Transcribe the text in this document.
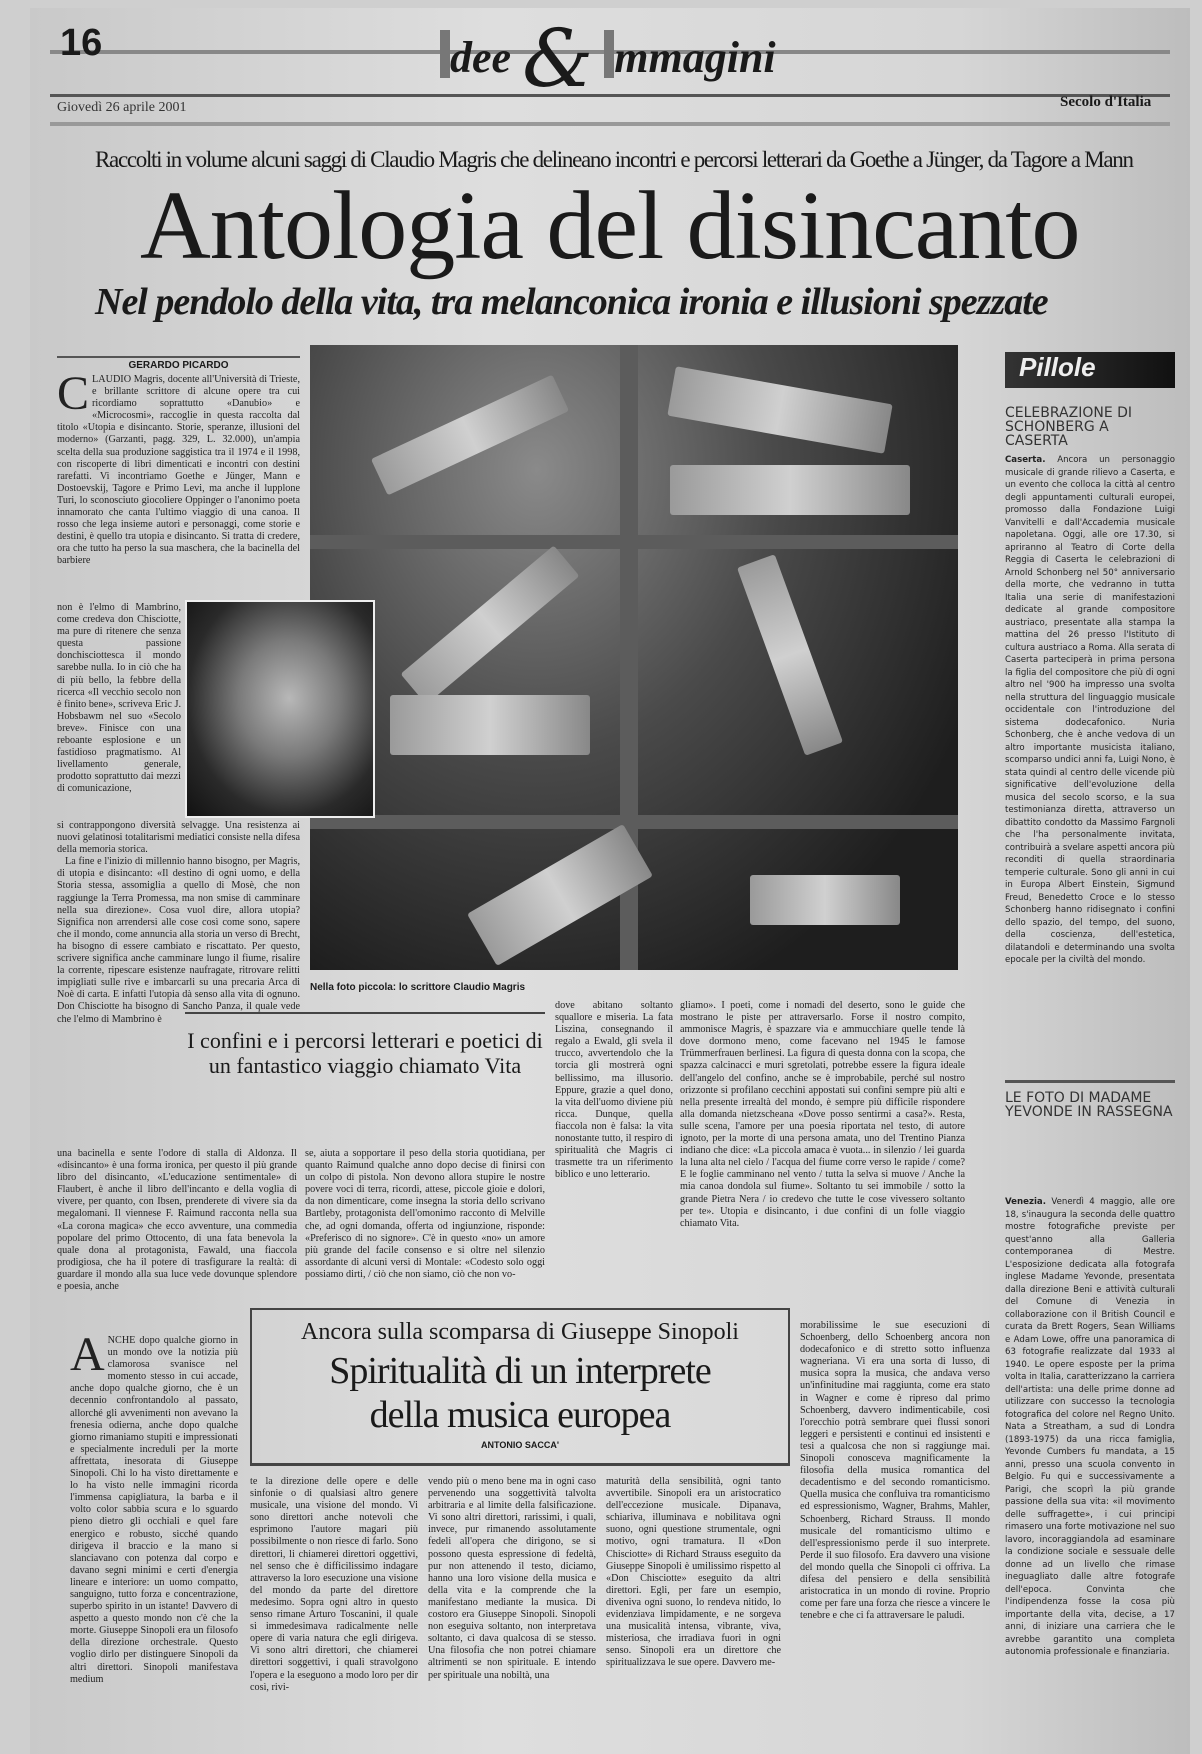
16	dee & mmagini
Giovedì 26 aprile 2001	Secolo d'Italia
Raccolti in volume alcuni saggi di Claudio Magris che delineano incontri e percorsi letterari da Goethe a Jünger, da Tagore a Mann
Antologia del disincanto
Nel pendolo della vita, tra melanconica ironia e illusioni spezzate
GERARDO PICARDO
CLAUDIO Magris, docente all'Università di Trieste, e brillante scrittore di alcune opere tra cui ricordiamo soprattutto «Danubio» e «Microcosmi», raccoglie in questa raccolta dal titolo «Utopia e disincanto. Storie, speranze, illusioni del moderno» (Garzanti, pagg. 329, L. 32.000), un'ampia scelta della sua produzione saggistica tra il 1974 e il 1998, con riscoperte di libri dimenticati e incontri con destini rarefatti. Vi incontriamo Goethe e Jünger, Mann e Dostoevskij, Tagore e Primo Levi, ma anche il lupplone Turi, lo sconosciuto giocoliere Oppinger o l'anonimo poeta innamorato che canta l'ultimo viaggio di una canoa. Il rosso che lega insieme autori e personaggi, come storie e destini, è quello tra utopia e disincanto. Si tratta di credere, ora che tutto ha perso la sua maschera, che la bacinella del barbiere
non è l'elmo di Mambrino, come credeva don Chisciotte, ma pure di ritenere che senza questa passione donchisciottesca il mondo sarebbe nulla. Io in ciò che ha di più bello, la febbre della ricerca «Il vecchio secolo non è finito bene», scriveva Eric J. Hobsbawm nel suo «Secolo breve». Finisce con una reboante esplosione e un fastidioso pragmatismo. Al livellamento generale, prodotto soprattutto dai mezzi di comunicazione,
si contrappongono diversità selvagge. Una resistenza ai nuovi gelatinosi totalitarismi mediatici consiste nella difesa della memoria storica.

La fine e l'inizio di millennio hanno bisogno, per Magris, di utopia e disincanto: «Il destino di ogni uomo, e della Storia stessa, assomiglia a quello di Mosè, che non raggiunge la Terra Promessa, ma non smise di camminare nella sua direzione». Cosa vuol dire, allora utopia? Significa non arrendersi alle cose così come sono, sapere che il mondo, come annuncia alla storia un verso di Brecht, ha bisogno di essere cambiato e riscattato. Per questo, scrivere significa anche camminare lungo il fiume, risalire la corrente, ripescare esistenze naufragate, ritrovare relitti impigliati sulle rive e imbarcarli su una precaria Arca di Noè di carta. E infatti l'utopia dà senso alla vita di ognuno. Don Chisciotte ha bisogno di Sancho Panza, il quale vede che l'elmo di Mambrino è

Nella foto piccola: lo scrittore Claudio Magris
I confini e i percorsi letterari e poetici di un fantastico viaggio chiamato Vita
una bacinella e sente l'odore di stalla di Aldonza. Il «disincanto» è una forma ironica, per questo il più grande libro del disincanto, «L'educazione sentimentale» di Flaubert, è anche il libro dell'incanto e della voglia di vivere, per quanto, con Ibsen, prenderete di vivere sia da megalomani. Il viennese F. Raimund racconta nella sua «La corona magica» che ecco avventure, una commedia popolare del primo Ottocento, di una fata benevola la quale dona al protagonista, Fawald, una fiaccola prodigiosa, che ha il potere di trasfigurare la realtà: di guardare il mondo alla sua luce vede dovunque splendore e poesia, anche
se, aiuta a sopportare il peso della storia quotidiana, per quanto Raimund qualche anno dopo decise di finirsi con un colpo di pistola. Non devono allora stupire le nostre povere voci di terra, ricordi, attese, piccole gioie e dolori, da non dimenticare, come insegna la storia dello scrivano Bartleby, protagonista dell'omonimo racconto di Melville che, ad ogni domanda, offerta od ingiunzione, risponde: «Preferisco di no signore». C'è in questo «no» un amore più grande del facile consenso e si oltre nel silenzio assordante di alcuni versi di Montale: «Codesto solo oggi possiamo dirti, / ciò che non siamo, ciò che non vo-
dove abitano soltanto squallore e miseria. La fata Liszina, consegnando il regalo a Ewald, gli svela il trucco, avvertendolo che la torcia gli mostrerà ogni bellissimo, ma illusorio. Eppure, grazie a quel dono, la vita dell'uomo diviene più ricca. Dunque, quella fiaccola non è falsa: la vita nonostante tutto, il respiro di spiritualità che Magris ci trasmette tra un riferimento biblico e uno letterario.
gliamo». I poeti, come i nomadi del deserto, sono le guide che mostrano le piste per attraversarlo. Forse il nostro compito, ammonisce Magris, è spazzare via e ammucchiare quelle tende là dove dormono meno, come facevano nel 1945 le famose Trümmerfrauen berlinesi. La figura di questa donna con la scopa, che spazza calcinacci e muri sgretolati, potrebbe essere la figura ideale dell'angelo del confino, anche se è improbabile, perché sul nostro orizzonte si profilano cecchini appostati sui confini sempre più alti e nella presente irrealtà del mondo, è sempre più difficile rispondere alla domanda nietzscheana «Dove posso sentirmi a casa?». Resta, sulle scena, l'amore per una poesia riportata nel testo, di autore ignoto, per la morte di una persona amata, uno del Trentino Pianza indiano che dice: «La piccola amaca è vuota... in silenzio / lei guarda la luna alta nel cielo / l'acqua del fiume corre verso le rapide / come? E le foglie camminano nel vento / tutta la selva si muove / Anche la mia canoa dondola sul fiume». Soltanto tu sei immobile / sotto la grande Pietra Nera / io credevo che tutte le cose vivessero soltanto per te». Utopia e disincanto, i due confini di un folle viaggio chiamato Vita.
Pillole
CELEBRAZIONE DI SCHONBERG A CASERTA
Caserta. Ancora un personaggio musicale di grande rilievo a Caserta, e un evento che colloca la città al centro degli appuntamenti culturali europei, promosso dalla Fondazione Luigi Vanvitelli e dall'Accademia musicale napoletana. Oggi, alle ore 17.30, si apriranno al Teatro di Corte della Reggia di Caserta le celebrazioni di Arnold Schonberg nel 50° anniversario della morte, che vedranno in tutta Italia una serie di manifestazioni dedicate al grande compositore austriaco, presentate alla stampa la mattina del 26 presso l'Istituto di cultura austriaco a Roma. Alla serata di Caserta parteciperà in prima persona la figlia del compositore che più di ogni altro nel '900 ha impresso una svolta nella struttura del linguaggio musicale occidentale con l'introduzione del sistema dodecafonico. Nuria Schonberg, che è anche vedova di un altro importante musicista italiano, scomparso undici anni fa, Luigi Nono, è stata quindi al centro delle vicende più significative dell'evoluzione della musica del secolo scorso, e la sua testimonianza diretta, attraverso un dibattito condotto da Massimo Fargnoli che l'ha personalmente invitata, contribuirà a svelare aspetti ancora più reconditi di quella straordinaria temperie culturale. Sono gli anni in cui in Europa Albert Einstein, Sigmund Freud, Benedetto Croce e lo stesso Schonberg hanno ridisegnato i confini dello spazio, del tempo, del suono, della coscienza, dell'estetica, dilatandoli e determinando una svolta epocale per la civiltà del mondo.
LE FOTO DI MADAME YEVONDE IN RASSEGNA
Venezia. Venerdì 4 maggio, alle ore 18, s'inaugura la seconda delle quattro mostre fotografiche previste per quest'anno alla Galleria contemporanea di Mestre. L'esposizione dedicata alla fotografa inglese Madame Yevonde, presentata dalla direzione Beni e attività culturali del Comune di Venezia in collaborazione con il British Council e curata da Brett Rogers, Sean Williams e Adam Lowe, offre una panoramica di 63 fotografie realizzate dal 1933 al 1940. Le opere esposte per la prima volta in Italia, caratterizzano la carriera dell'artista: una delle prime donne ad utilizzare con successo la tecnologia fotografica del colore nel Regno Unito. Nata a Streatham, a sud di Londra (1893-1975) da una ricca famiglia, Yevonde Cumbers fu mandata, a 15 anni, presso una scuola convento in Belgio. Fu qui e successivamente a Parigi, che scoprì la più grande passione della sua vita: «il movimento delle suffragette», i cui principi rimasero una forte motivazione nel suo lavoro, incoraggiandola ad esaminare la condizione sociale e sessuale delle donne ad un livello che rimase ineguagliato dalle altre fotografe dell'epoca. Convinta che l'indipendenza fosse la cosa più importante della vita, decise, a 17 anni, di iniziare una carriera che le avrebbe garantito una completa autonomia professionale e finanziaria.
Ancora sulla scomparsa di Giuseppe Sinopoli
Spiritualità di un interprete
della musica europea
ANTONIO SACCA'
ANCHE dopo qualche giorno in un mondo ove la notizia più clamorosa svanisce nel momento stesso in cui accade, anche dopo qualche giorno, che è un decennio confrontandolo al passato, allorché gli avvenimenti non avevano la frenesia odierna, anche dopo qualche giorno rimaniamo stupiti e impressionati e specialmente increduli per la morte affrettata, inesorata di Giuseppe Sinopoli. Chi lo ha visto direttamente e lo ha visto nelle immagini ricorda l'immensa capigliatura, la barba e il volto color sabbia scura e lo sguardo pieno dietro gli occhiali e quel fare energico e robusto, sicché quando dirigeva il braccio e la mano si slanciavano con potenza dal corpo e davano segni minimi e certi d'energia lineare e interiore: un uomo compatto, sanguigno, tutto forza e concentrazione, superbo spirito in un istante! Davvero di aspetto a questo mondo non c'è che la morte. Giuseppe Sinopoli era un filosofo della direzione orchestrale. Questo voglio dirlo per distinguere Sinopoli da altri direttori. Sinopoli manifestava medium
te la direzione delle opere e delle sinfonie o di qualsiasi altro genere musicale, una visione del mondo. Vi sono direttori anche notevoli che esprimono l'autore magari più possibilmente o non riesce di farlo. Sono direttori, li chiamerei direttori oggettivi, nel senso che è difficilissimo indagare attraverso la loro esecuzione una visione del mondo da parte del direttore medesimo. Sopra ogni altro in questo senso rimane Arturo Toscanini, il quale si immedesimava radicalmente nelle opere di varia natura che egli dirigeva. Vi sono altri direttori, che chiamerei direttori soggettivi, i quali stravolgono l'opera e la eseguono a modo loro per dir così, rivi-
vendo più o meno bene ma in ogni caso pervenendo una soggettività talvolta arbitraria e al limite della falsificazione. Vi sono altri direttori, rarissimi, i quali, invece, pur rimanendo assolutamente fedeli all'opera che dirigono, se si possono questa espressione di fedeltà, pur non attenendo il testo, diciamo, hanno una loro visione della musica e della vita e la comprende che la manifestano mediante la musica. Di costoro era Giuseppe Sinopoli. Sinopoli non eseguiva soltanto, non interpretava soltanto, ci dava qualcosa di se stesso. Una filosofia che non potrei chiamare altrimenti se non spirituale. E intendo per spirituale una nobiltà, una
maturità della sensibilità, ogni tanto avvertibile. Sinopoli era un aristocratico dell'eccezione musicale. Dipanava, schiariva, illuminava e nobilitava ogni suono, ogni questione strumentale, ogni motivo, ogni tramatura. Il «Don Chisciotte» di Richard Strauss eseguito da Giuseppe Sinopoli è umilissimo rispetto al «Don Chisciotte» eseguito da altri direttori. Egli, per fare un esempio, diveniva ogni suono, lo rendeva nitido, lo evidenziava limpidamente, e ne sorgeva una musicalità intensa, vibrante, viva, misteriosa, che irradiava fuori in ogni senso. Sinopoli era un direttore che spiritualizzava le sue opere. Davvero me-
morabilissime le sue esecuzioni di Schoenberg, dello Schoenberg ancora non dodecafonico e di stretto sotto influenza wagneriana. Vi era una sorta di lusso, di musica sopra la musica, che andava verso un'infinitudine mai raggiunta, come era stato in Wagner e come è ripreso dal primo Schoenberg, davvero indimenticabile, così l'orecchio potrà sembrare quei flussi sonori leggeri e persistenti e continui ed insistenti e tesi a qualcosa che non si raggiunge mai. Sinopoli conosceva magnificamente la filosofia della musica romantica del decadentismo e del secondo romanticismo. Quella musica che confluiva tra romanticismo ed espressionismo, Wagner, Brahms, Mahler, Schoenberg, Richard Strauss. Il mondo musicale del romanticismo ultimo e dell'espressionismo perde il suo interprete. Perde il suo filosofo. Era davvero una visione del mondo quella che Sinopoli ci offriva. La difesa del pensiero e della sensibilità aristocratica in un mondo di rovine. Proprio come per fare una forza che riesce a vincere le tenebre e che ci fa attraversare le paludi.
